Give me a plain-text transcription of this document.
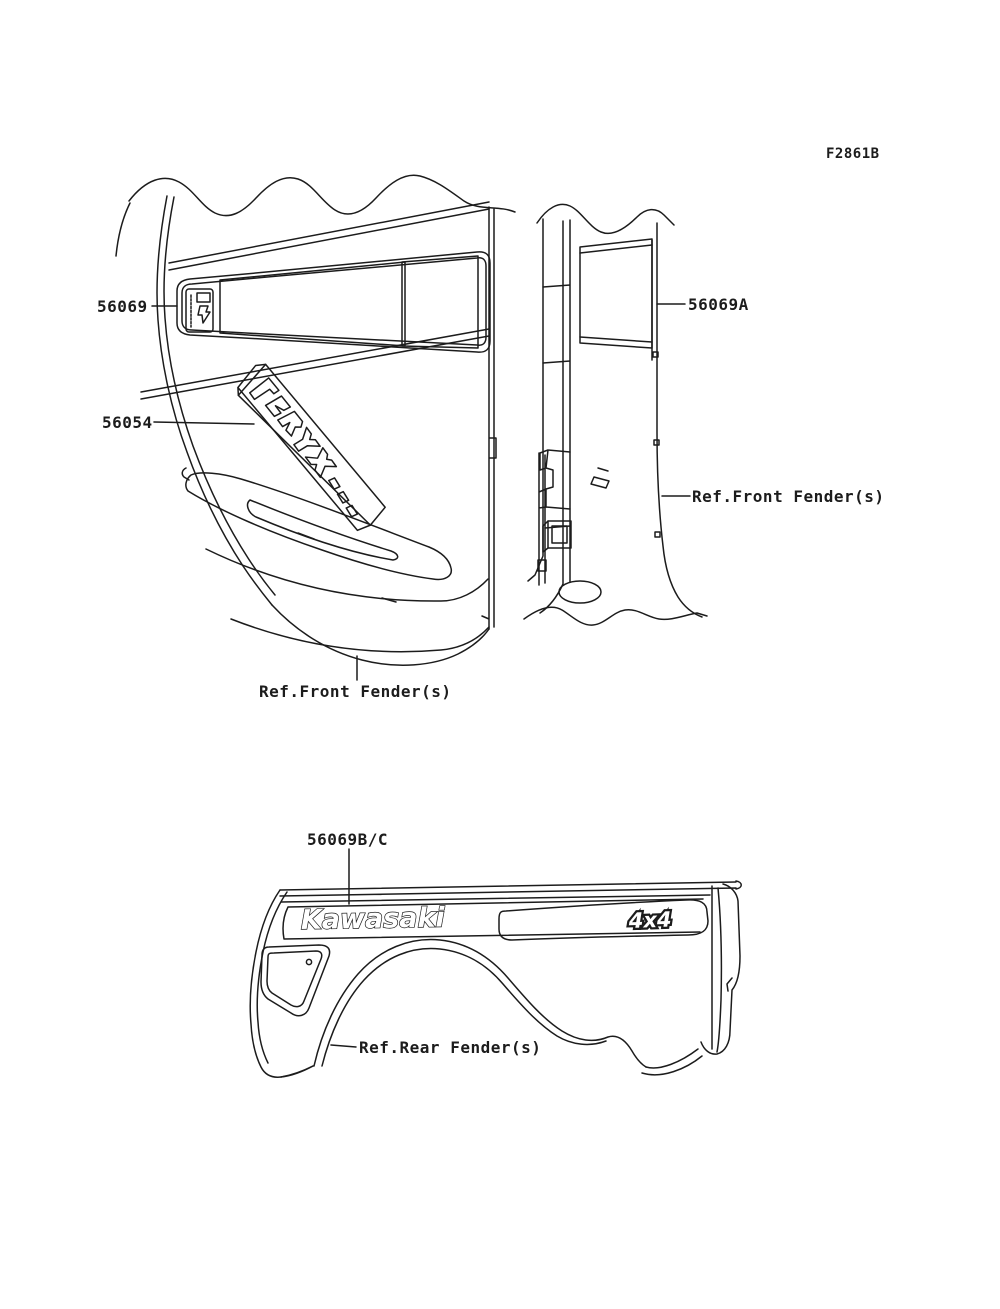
Kawasaki	4x4
F2861B
56069
56054
56069A
Ref.Front Fender(s)
Ref.Front Fender(s)
56069B/C
Ref.Rear Fender(s)
